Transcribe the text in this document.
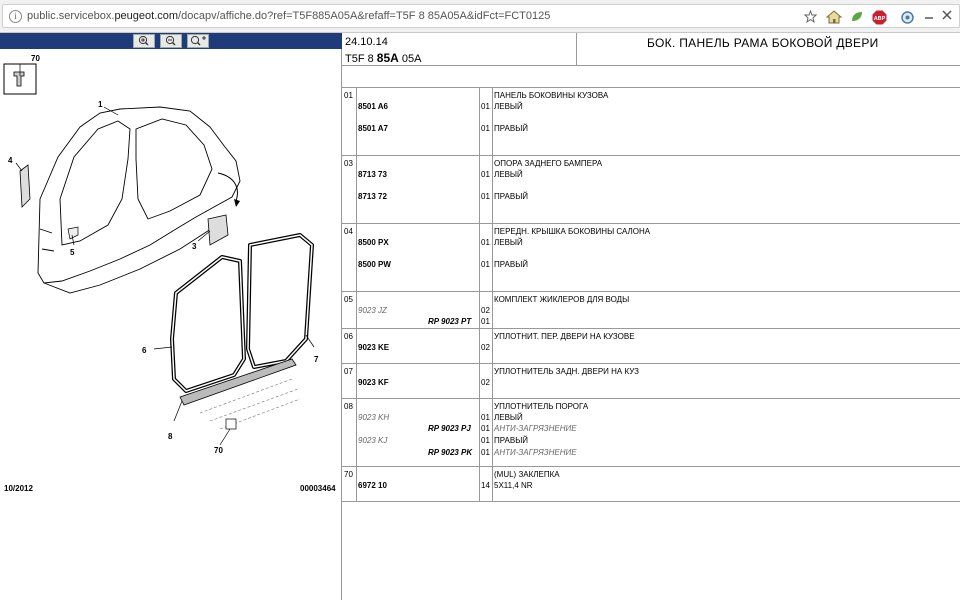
i public.servicebox.peugeot.com/docapv/affiche.do?ref=T5F885A05A&refaff=T5F 8 85A05A&idFct=FCT0125	ABP
70
1
4
5
3
6
7
8
70
10/2012	00003464
24.10.14
T5F 8 85A 05A
БОК. ПАНЕЛЬ РАМА БОКОВОЙ ДВЕРИ
01	ПАНЕЛЬ БОКОВИНЫ КУЗОВА
8501 A6	01 ЛЕВЫЙ
8501 A7	01 ПРАВЫЙ
03	ОПОРА ЗАДНЕГО БАМПЕРА
8713 73	01 ЛЕВЫЙ
8713 72	01 ПРАВЫЙ
04	ПЕРЕДН. КРЫШКА БОКОВИНЫ САЛОНА
8500 PX	01 ЛЕВЫЙ
8500 PW	01 ПРАВЫЙ
05	КОМПЛЕКТ ЖИКЛЕРОВ ДЛЯ ВОДЫ
9023 JZ	02
RP 9023 PT 01
06	УПЛОТНИТ. ПЕР. ДВЕРИ НА КУЗОВЕ
9023 KE	02
07	УПЛОТНИТЕЛЬ ЗАДН. ДВЕРИ НА КУЗ
9023 KF	02
08	УПЛОТНИТЕЛЬ ПОРОГА
9023 KH	01 ЛЕВЫЙ
RP 9023 PJ 01 АНТИ-ЗАГРЯЗНЕНИЕ
9023 KJ	01 ПРАВЫЙ
RP 9023 PK 01 АНТИ-ЗАГРЯЗНЕНИЕ
70	(MUL) ЗАКЛЕПКА
6972 10	14 5X11,4 NR
